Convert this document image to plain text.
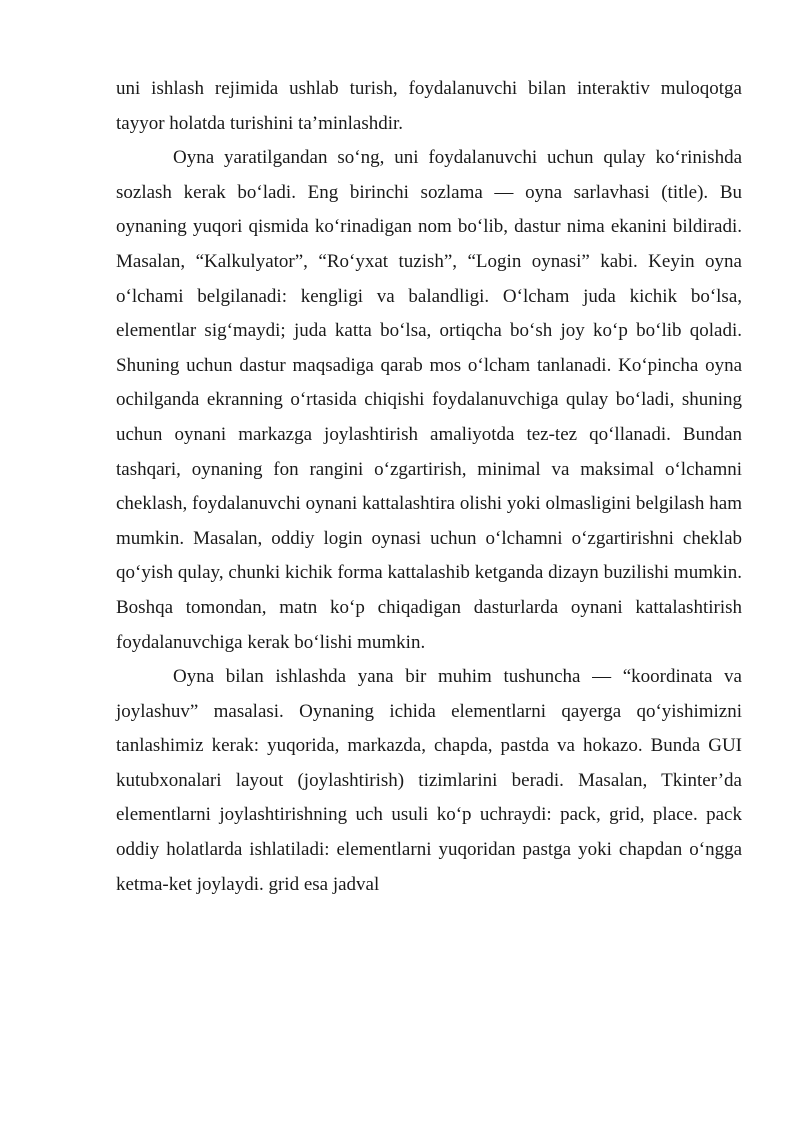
uni ishlash rejimida ushlab turish, foydalanuvchi bilan interaktiv muloqotga tayyor holatda turishini ta’minlashdir.

Oyna yaratilgandan so‘ng, uni foydalanuvchi uchun qulay ko‘rinishda sozlash kerak bo‘ladi. Eng birinchi sozlama — oyna sarlavhasi (title). Bu oynaning yuqori qismida ko‘rinadigan nom bo‘lib, dastur nima ekanini bildiradi. Masalan, “Kalkulyator”, “Ro‘yxat tuzish”, “Login oynasi” kabi. Keyin oyna o‘lchami belgilanadi: kengligi va balandligi. O‘lcham juda kichik bo‘lsa, elementlar sig‘maydi; juda katta bo‘lsa, ortiqcha bo‘sh joy ko‘p bo‘lib qoladi. Shuning uchun dastur maqsadiga qarab mos o‘lcham tanlanadi. Ko‘pincha oyna ochilganda ekranning o‘rtasida chiqishi foydalanuvchiga qulay bo‘ladi, shuning uchun oynani markazga joylashtirish amaliyotda tez-tez qo‘llanadi. Bundan tashqari, oynaning fon rangini o‘zgartirish, minimal va maksimal o‘lchamni cheklash, foydalanuvchi oynani kattalashtira olishi yoki olmasligini belgilash ham mumkin. Masalan, oddiy login oynasi uchun o‘lchamni o‘zgartirishni cheklab qo‘yish qulay, chunki kichik forma kattalashib ketganda dizayn buzilishi mumkin. Boshqa tomondan, matn ko‘p chiqadigan dasturlarda oynani kattalashtirish foydalanuvchiga kerak bo‘lishi mumkin.

Oyna bilan ishlashda yana bir muhim tushuncha — “koordinata va joylashuv” masalasi. Oynaning ichida elementlarni qayerga qo‘yishimizni tanlashimiz kerak: yuqorida, markazda, chapda, pastda va hokazo. Bunda GUI kutubxonalari layout (joylashtirish) tizimlarini beradi. Masalan, Tkinter’da elementlarni joylashtirishning uch usuli ko‘p uchraydi: pack, grid, place. pack oddiy holatlarda ishlatiladi: elementlarni yuqoridan pastga yoki chapdan o‘ngga ketma-ket joylaydi. grid esa jadval
